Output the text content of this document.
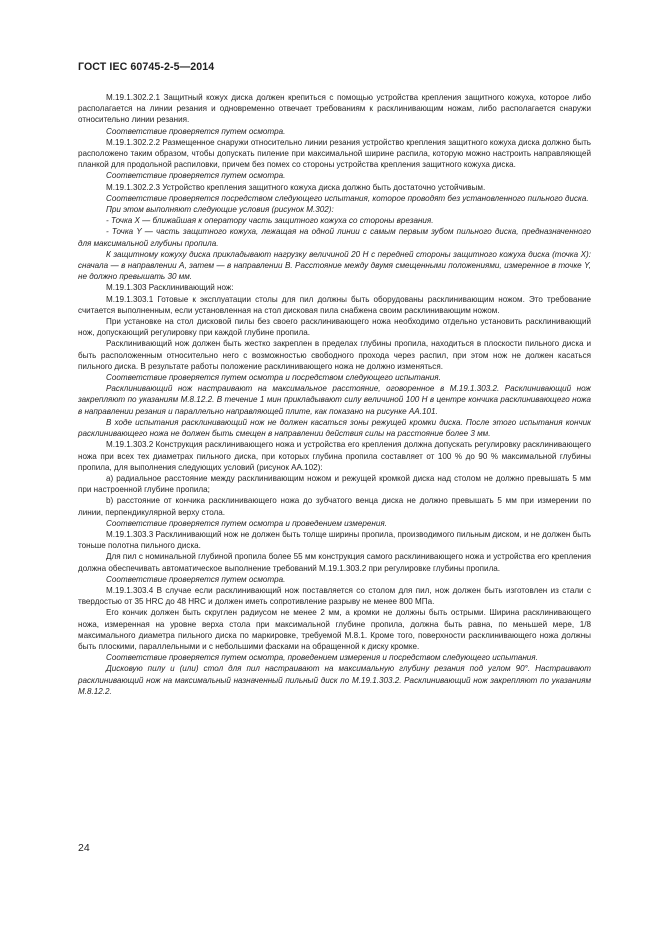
ГОСТ IEC 60745-2-5—2014

M.19.1.302.2.1 Защитный кожух диска должен крепиться с помощью устройства крепления защитного кожуха, которое либо располагается на линии резания и одновременно отвечает требованиям к расклинивающим ножам, либо располагается снаружи относительно линии резания.

Соответствие проверяется путем осмотра.

M.19.1.302.2.2 Размещенное снаружи относительно линии резания устройство крепления защитного кожуха диска должно быть расположено таким образом, чтобы допускать пиление при максимальной ширине распила, которую можно настроить направляющей планкой для продольной распиловки, причем без помех со стороны устройства крепления защитного кожуха диска.

Соответствие проверяется путем осмотра.

M.19.1.302.2.3 Устройство крепления защитного кожуха диска должно быть достаточно устойчивым.

Соответствие проверяется посредством следующего испытания, которое проводят без установленного пильного диска.

При этом выполняют следующие условия (рисунок M.302):

- Точка X — ближайшая к оператору часть защитного кожуха со стороны врезания.

- Точка Y — часть защитного кожуха, лежащая на одной линии с самым первым зубом пильного диска, предназначенного для максимальной глубины пропила.

К защитному кожуху диска прикладывают нагрузку величиной 20 Н с передней стороны защитного кожуха диска (точка X): сначала — в направлении A, затем — в направлении B. Расстояние между двумя смещенными положениями, измеренное в точке Y, не должно превышать 30 мм.

M.19.1.303 Расклинивающий нож:

M.19.1.303.1 Готовые к эксплуатации столы для пил должны быть оборудованы расклинивающим ножом. Это требование считается выполненным, если установленная на стол дисковая пила снабжена своим расклинивающим ножом.

При установке на стол дисковой пилы без своего расклинивающего ножа необходимо отдельно установить расклинивающий нож, допускающий регулировку при каждой глубине пропила.

Расклинивающий нож должен быть жестко закреплен в пределах глубины пропила, находиться в плоскости пильного диска и быть расположенным относительно него с возможностью свободного прохода через распил, при этом нож не должен касаться пильного диска. В результате работы положение расклинивающего ножа не должно изменяться.

Соответствие проверяется путем осмотра и посредством следующего испытания.

Расклинивающий нож настраивают на максимальное расстояние, оговоренное в M.19.1.303.2. Расклинивающий нож закрепляют по указаниям M.8.12.2. В течение 1 мин прикладывают силу величиной 100 Н в центре кончика расклинивающего ножа в направлении резания и параллельно направляющей плите, как показано на рисунке AA.101.

В ходе испытания расклинивающий нож не должен касаться зоны режущей кромки диска. После этого испытания кончик расклинивающего ножа не должен быть смещен в направлении действия силы на расстояние более 3 мм.

M.19.1.303.2 Конструкция расклинивающего ножа и устройства его крепления должна допускать регулировку расклинивающего ножа при всех тех диаметрах пильного диска, при которых глубина пропила составляет от 100 % до 90 % максимальной глубины пропила, для выполнения следующих условий (рисунок AA.102):

a) радиальное расстояние между расклинивающим ножом и режущей кромкой диска над столом не должно превышать 5 мм при настроенной глубине пропила;

b) расстояние от кончика расклинивающего ножа до зубчатого венца диска не должно превышать 5 мм при измерении по линии, перпендикулярной верху стола.

Соответствие проверяется путем осмотра и проведением измерения.

M.19.1.303.3 Расклинивающий нож не должен быть толще ширины пропила, производимого пильным диском, и не должен быть тоньше полотна пильного диска.

Для пил с номинальной глубиной пропила более 55 мм конструкция самого расклинивающего ножа и устройства его крепления должна обеспечивать автоматическое выполнение требований M.19.1.303.2 при регулировке глубины пропила.

Соответствие проверяется путем осмотра.

M.19.1.303.4 В случае если расклинивающий нож поставляется со столом для пил, нож должен быть изготовлен из стали с твердостью от 35 HRC до 48 HRC и должен иметь сопротивление разрыву не менее 800 МПа.

Его кончик должен быть скруглен радиусом не менее 2 мм, а кромки не должны быть острыми. Ширина расклинивающего ножа, измеренная на уровне верха стола при максимальной глубине пропила, должна быть равна, по меньшей мере, 1/8 максимального диаметра пильного диска по маркировке, требуемой M.8.1. Кроме того, поверхности расклинивающего ножа должны быть плоскими, параллельными и с небольшими фасками на обращенной к диску кромке.

Соответствие проверяется путем осмотра, проведением измерения и посредством следующего испытания.

Дисковую пилу и (или) стол для пил настраивают на максимальную глубину резания под углом 90°. Настраивают расклинивающий нож на максимальный назначенный пильный диск по M.19.1.303.2. Расклинивающий нож закрепляют по указаниям M.8.12.2.

24
